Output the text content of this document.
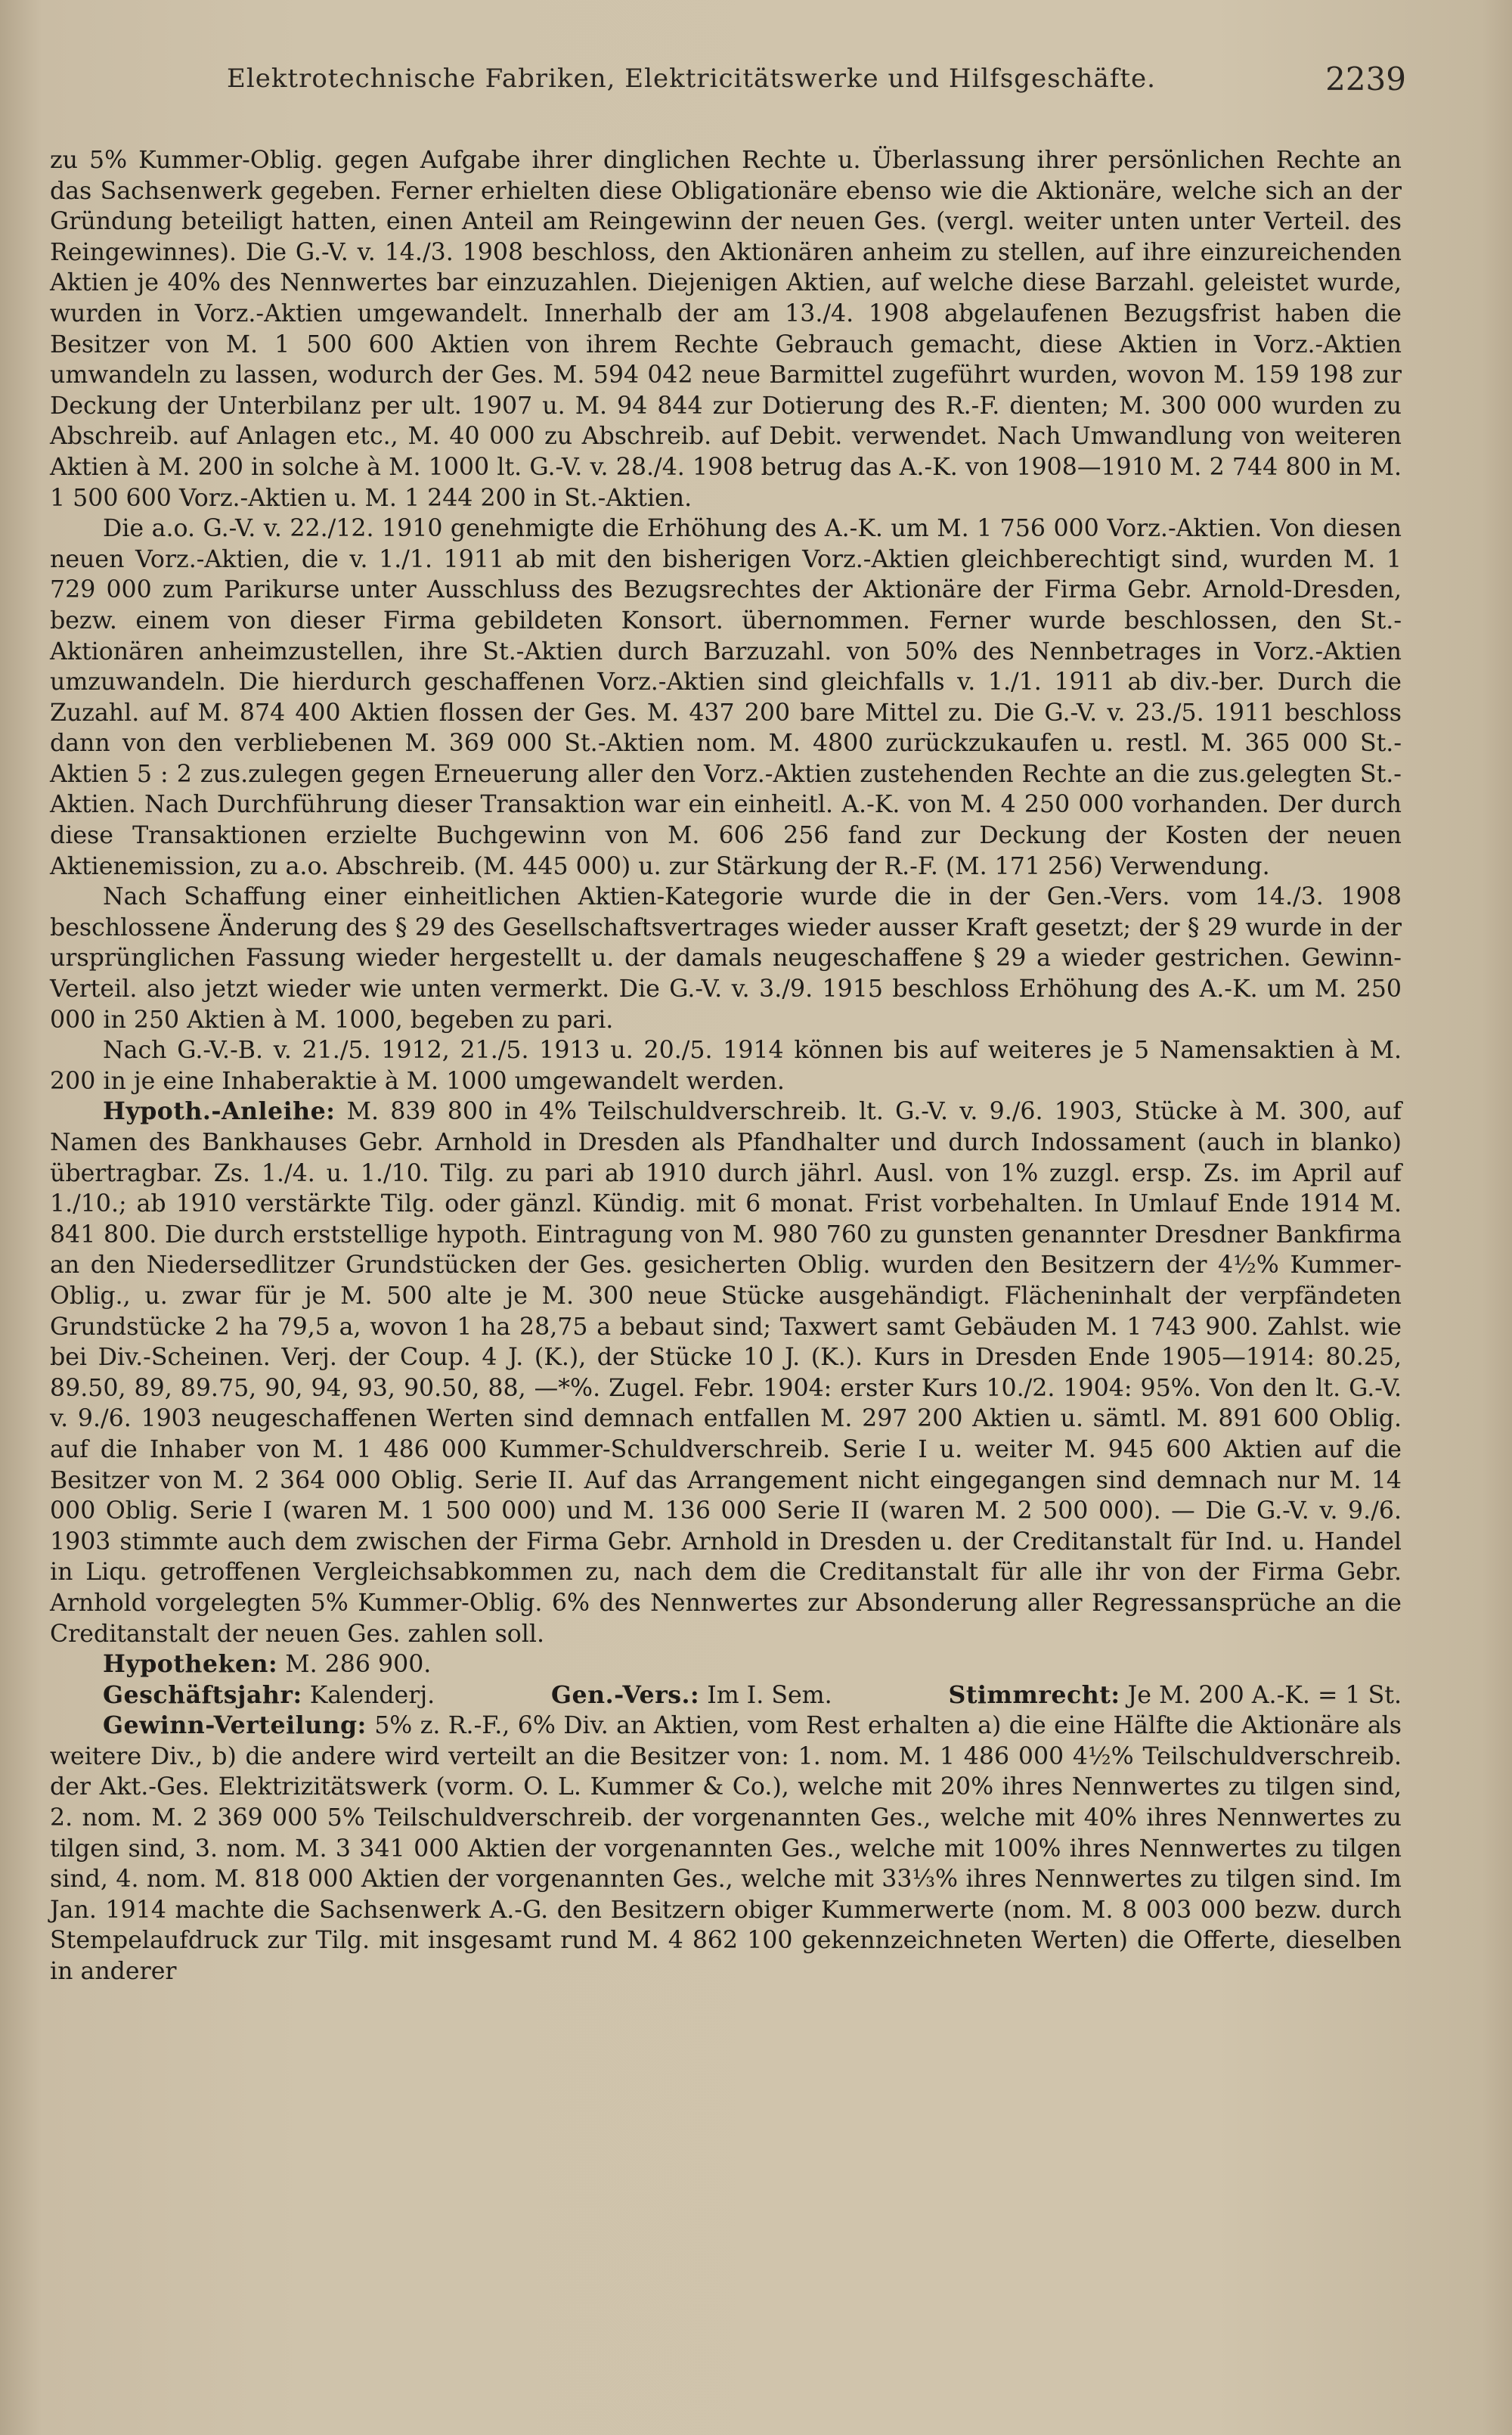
Elektrotechnische Fabriken, Elektricitätswerke und Hilfsgeschäfte.	2239

zu 5% Kummer-Oblig. gegen Aufgabe ihrer dinglichen Rechte u. Überlassung ihrer persönlichen Rechte an das Sachsenwerk gegeben. Ferner erhielten diese Obligationäre ebenso wie die Aktionäre, welche sich an der Gründung beteiligt hatten, einen Anteil am Reingewinn der neuen Ges. (vergl. weiter unten unter Verteil. des Reingewinnes). Die G.-V. v. 14./3. 1908 beschloss, den Aktionären anheim zu stellen, auf ihre einzureichenden Aktien je 40% des Nennwertes bar einzuzahlen. Diejenigen Aktien, auf welche diese Barzahl. geleistet wurde, wurden in Vorz.-Aktien umgewandelt. Innerhalb der am 13./4. 1908 abgelaufenen Bezugsfrist haben die Besitzer von M. 1 500 600 Aktien von ihrem Rechte Gebrauch gemacht, diese Aktien in Vorz.-Aktien umwandeln zu lassen, wodurch der Ges. M. 594 042 neue Barmittel zugeführt wurden, wovon M. 159 198 zur Deckung der Unterbilanz per ult. 1907 u. M. 94 844 zur Dotierung des R.-F. dienten; M. 300 000 wurden zu Abschreib. auf Anlagen etc., M. 40 000 zu Abschreib. auf Debit. verwendet. Nach Umwandlung von weiteren Aktien à M. 200 in solche à M. 1000 lt. G.-V. v. 28./4. 1908 betrug das A.-K. von 1908—1910 M. 2 744 800 in M. 1 500 600 Vorz.-Aktien u. M. 1 244 200 in St.-Aktien.

Die a.o. G.-V. v. 22./12. 1910 genehmigte die Erhöhung des A.-K. um M. 1 756 000 Vorz.-Aktien. Von diesen neuen Vorz.-Aktien, die v. 1./1. 1911 ab mit den bisherigen Vorz.-Aktien gleichberechtigt sind, wurden M. 1 729 000 zum Parikurse unter Ausschluss des Bezugsrechtes der Aktionäre der Firma Gebr. Arnold-Dresden, bezw. einem von dieser Firma gebildeten Konsort. übernommen. Ferner wurde beschlossen, den St.-Aktionären anheimzustellen, ihre St.-Aktien durch Barzuzahl. von 50% des Nennbetrages in Vorz.-Aktien umzuwandeln. Die hierdurch geschaffenen Vorz.-Aktien sind gleichfalls v. 1./1. 1911 ab div.-ber. Durch die Zuzahl. auf M. 874 400 Aktien flossen der Ges. M. 437 200 bare Mittel zu. Die G.-V. v. 23./5. 1911 beschloss dann von den verbliebenen M. 369 000 St.-Aktien nom. M. 4800 zurückzukaufen u. restl. M. 365 000 St.-Aktien 5 : 2 zus.zulegen gegen Erneuerung aller den Vorz.-Aktien zustehenden Rechte an die zus.gelegten St.-Aktien. Nach Durchführung dieser Transaktion war ein einheitl. A.-K. von M. 4 250 000 vorhanden. Der durch diese Transaktionen erzielte Buchgewinn von M. 606 256 fand zur Deckung der Kosten der neuen Aktienemission, zu a.o. Abschreib. (M. 445 000) u. zur Stärkung der R.-F. (M. 171 256) Verwendung.

Nach Schaffung einer einheitlichen Aktien-Kategorie wurde die in der Gen.-Vers. vom 14./3. 1908 beschlossene Änderung des § 29 des Gesellschaftsvertrages wieder ausser Kraft gesetzt; der § 29 wurde in der ursprünglichen Fassung wieder hergestellt u. der damals neugeschaffene § 29 a wieder gestrichen. Gewinn-Verteil. also jetzt wieder wie unten vermerkt. Die G.-V. v. 3./9. 1915 beschloss Erhöhung des A.-K. um M. 250 000 in 250 Aktien à M. 1000, begeben zu pari.

Nach G.-V.-B. v. 21./5. 1912, 21./5. 1913 u. 20./5. 1914 können bis auf weiteres je 5 Namensaktien à M. 200 in je eine Inhaberaktie à M. 1000 umgewandelt werden.

Hypoth.-Anleihe: M. 839 800 in 4% Teilschuldverschreib. lt. G.-V. v. 9./6. 1903, Stücke à M. 300, auf Namen des Bankhauses Gebr. Arnhold in Dresden als Pfandhalter und durch Indossament (auch in blanko) übertragbar. Zs. 1./4. u. 1./10. Tilg. zu pari ab 1910 durch jährl. Ausl. von 1% zuzgl. ersp. Zs. im April auf 1./10.; ab 1910 verstärkte Tilg. oder gänzl. Kündig. mit 6 monat. Frist vorbehalten. In Umlauf Ende 1914 M. 841 800. Die durch erststellige hypoth. Eintragung von M. 980 760 zu gunsten genannter Dresdner Bankfirma an den Niedersedlitzer Grundstücken der Ges. gesicherten Oblig. wurden den Besitzern der 4½% Kummer-Oblig., u. zwar für je M. 500 alte je M. 300 neue Stücke ausgehändigt. Flächeninhalt der verpfändeten Grundstücke 2 ha 79,5 a, wovon 1 ha 28,75 a bebaut sind; Taxwert samt Gebäuden M. 1 743 900. Zahlst. wie bei Div.-Scheinen. Verj. der Coup. 4 J. (K.), der Stücke 10 J. (K.). Kurs in Dresden Ende 1905—1914: 80.25, 89.50, 89, 89.75, 90, 94, 93, 90.50, 88, —*%. Zugel. Febr. 1904: erster Kurs 10./2. 1904: 95%. Von den lt. G.-V. v. 9./6. 1903 neugeschaffenen Werten sind demnach entfallen M. 297 200 Aktien u. sämtl. M. 891 600 Oblig. auf die Inhaber von M. 1 486 000 Kummer-Schuldverschreib. Serie I u. weiter M. 945 600 Aktien auf die Besitzer von M. 2 364 000 Oblig. Serie II. Auf das Arrangement nicht eingegangen sind demnach nur M. 14 000 Oblig. Serie I (waren M. 1 500 000) und M. 136 000 Serie II (waren M. 2 500 000). — Die G.-V. v. 9./6. 1903 stimmte auch dem zwischen der Firma Gebr. Arnhold in Dresden u. der Creditanstalt für Ind. u. Handel in Liqu. getroffenen Vergleichsabkommen zu, nach dem die Creditanstalt für alle ihr von der Firma Gebr. Arnhold vorgelegten 5% Kummer-Oblig. 6% des Nennwertes zur Absonderung aller Regressansprüche an die Creditanstalt der neuen Ges. zahlen soll.

Hypotheken: M. 286 900.

Geschäftsjahr: Kalenderj.	Gen.-Vers.: Im I. Sem.	Stimmrecht: Je M. 200 A.-K. = 1 St.

Gewinn-Verteilung: 5% z. R.-F., 6% Div. an Aktien, vom Rest erhalten a) die eine Hälfte die Aktionäre als weitere Div., b) die andere wird verteilt an die Besitzer von: 1. nom. M. 1 486 000 4½% Teilschuldverschreib. der Akt.-Ges. Elektrizitätswerk (vorm. O. L. Kummer & Co.), welche mit 20% ihres Nennwertes zu tilgen sind, 2. nom. M. 2 369 000 5% Teilschuldverschreib. der vorgenannten Ges., welche mit 40% ihres Nennwertes zu tilgen sind, 3. nom. M. 3 341 000 Aktien der vorgenannten Ges., welche mit 100% ihres Nennwertes zu tilgen sind, 4. nom. M. 818 000 Aktien der vorgenannten Ges., welche mit 33⅓% ihres Nennwertes zu tilgen sind. Im Jan. 1914 machte die Sachsenwerk A.-G. den Besitzern obiger Kummerwerte (nom. M. 8 003 000 bezw. durch Stempelaufdruck zur Tilg. mit insgesamt rund M. 4 862 100 gekennzeichneten Werten) die Offerte, dieselben in anderer
